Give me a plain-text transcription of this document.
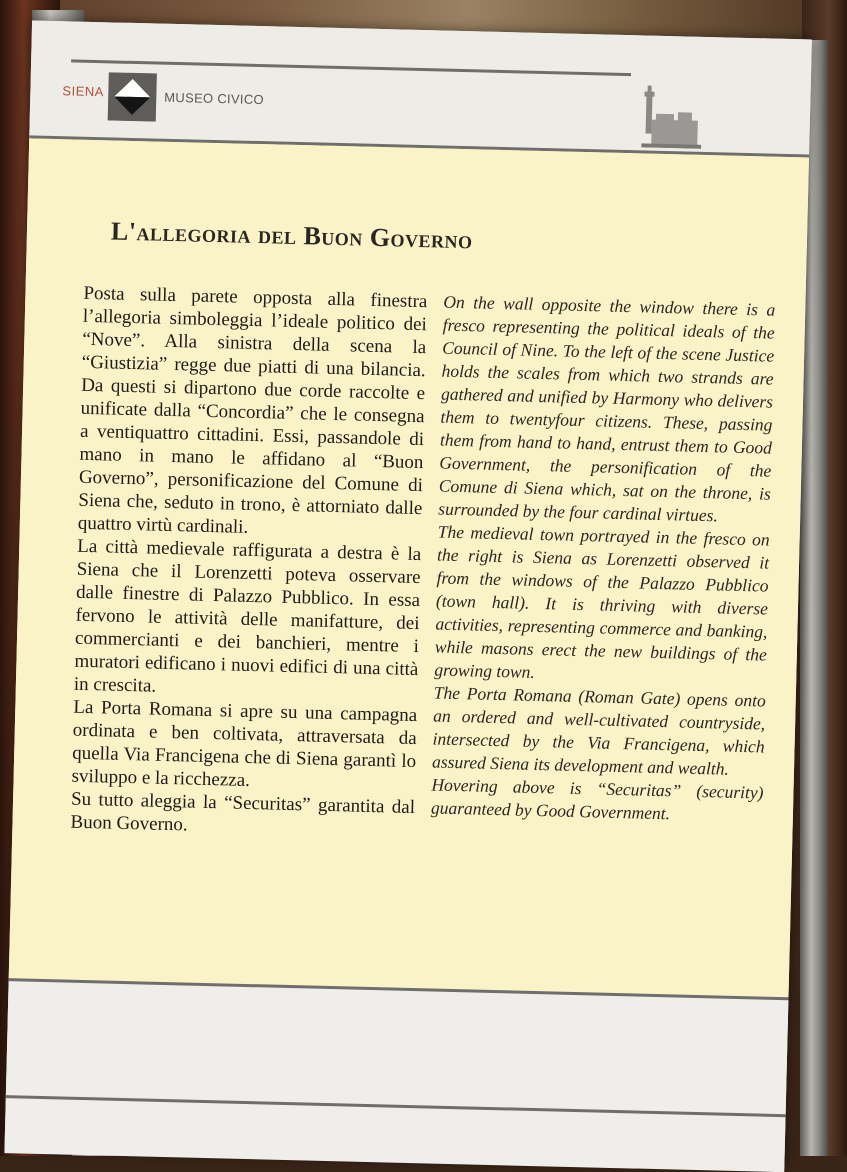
SIENA	MUSEO CIVICO
L'allegoria del Buon Governo

Posta sulla parete opposta alla finestra l’allegoria simboleggia l’ideale politico dei “Nove”. Alla sinistra della scena la “Giustizia” regge due piatti di una bilancia. Da questi si dipartono due corde raccolte e unificate dalla “Concordia” che le consegna a ventiquattro cittadini. Essi, passandole di mano in mano le affidano al “Buon Governo”, personificazione del Comune di Siena che, seduto in trono, è attorniato dalle quattro virtù cardinali.

La città medievale raffigurata a destra è la Siena che il Lorenzetti poteva osservare dalle finestre di Palazzo Pubblico. In essa fervono le attività delle manifatture, dei commercianti e dei banchieri, mentre i muratori edificano i nuovi edifici di una città in crescita.

La Porta Romana si apre su una campagna ordinata e ben coltivata, attraversata da quella Via Francigena che di Siena garantì lo sviluppo e la ricchezza.

Su tutto aleggia la “Securitas” garantita dal Buon Governo.

On the wall opposite the window there is a fresco representing the political ideals of the Council of Nine. To the left of the scene Justice holds the scales from which two strands are gathered and unified by Harmony who delivers them to twentyfour citizens. These, passing them from hand to hand, entrust them to Good Government, the personification of the Comune di Siena which, sat on the throne, is surrounded by the four cardinal virtues.

The medieval town portrayed in the fresco on the right is Siena as Lorenzetti observed it from the windows of the Palazzo Pubblico (town hall). It is thriving with diverse activities, representing commerce and banking, while masons erect the new buildings of the growing town.

The Porta Romana (Roman Gate) opens onto an ordered and well-cultivated countryside, intersected by the Via Francigena, which assured Siena its development and wealth.

Hovering above is “Securitas” (security) guaranteed by Good Government.
